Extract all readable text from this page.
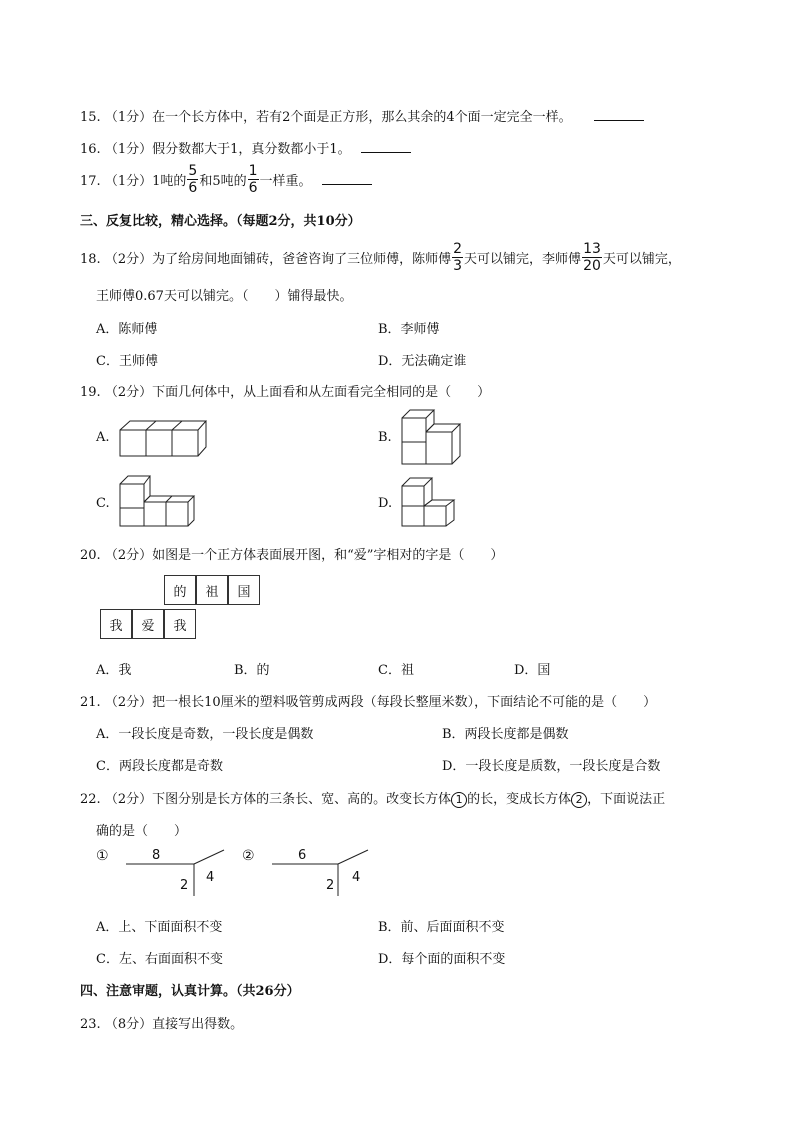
15. （1分）在一个长方体中，若有2个面是正方形，那么其余的4个面一定完全一样。
16. （1分）假分数都大于1，真分数都小于1。
17. （1分）1吨的 $\frac{5}{6}$ 和5吨的 $\frac{1}{6}$ 一样重。
三、反复比较，精心选择。（每题2分，共10分）
18. （2分）为了给房间地面铺砖，爸爸咨询了三位师傅，陈师傅 $\frac{2}{3}$ 天可以铺完，李师傅 $\frac{13}{20}$ 天可以铺完，
王师傅0.67天可以铺完。（　　）铺得最快。
A．陈师傅	B．李师傅
C．王师傅	D．无法确定谁
19. （2分）下面几何体中，从上面看和从左面看完全相同的是（　　）
A.	B.
C.	D.
20. （2分）如图是一个正方体表面展开图，和“爱”字相对的字是（　　）
的	祖	国
我	爱	我
A．我	B．的	C．祖	D．国
21. （2分）把一根长10厘米的塑料吸管剪成两段（每段长整厘米数），下面结论不可能的是（　　）
A．一段长度是奇数，一段长度是偶数	B．两段长度都是偶数
C．两段长度都是奇数	D．一段长度是质数，一段长度是合数
22. （2分）下图分别是长方体的三条长、宽、高的。改变长方体 1 的长，变成长方体 2 ，下面说法正
确的是（　　）
①	8
2
4
②	6
2
4
A．上、下面面积不变	B．前、后面面积不变
C．左、右面面积不变	D．每个面的面积不变
四、注意审题，认真计算。（共26分）
23. （8分）直接写出得数。
